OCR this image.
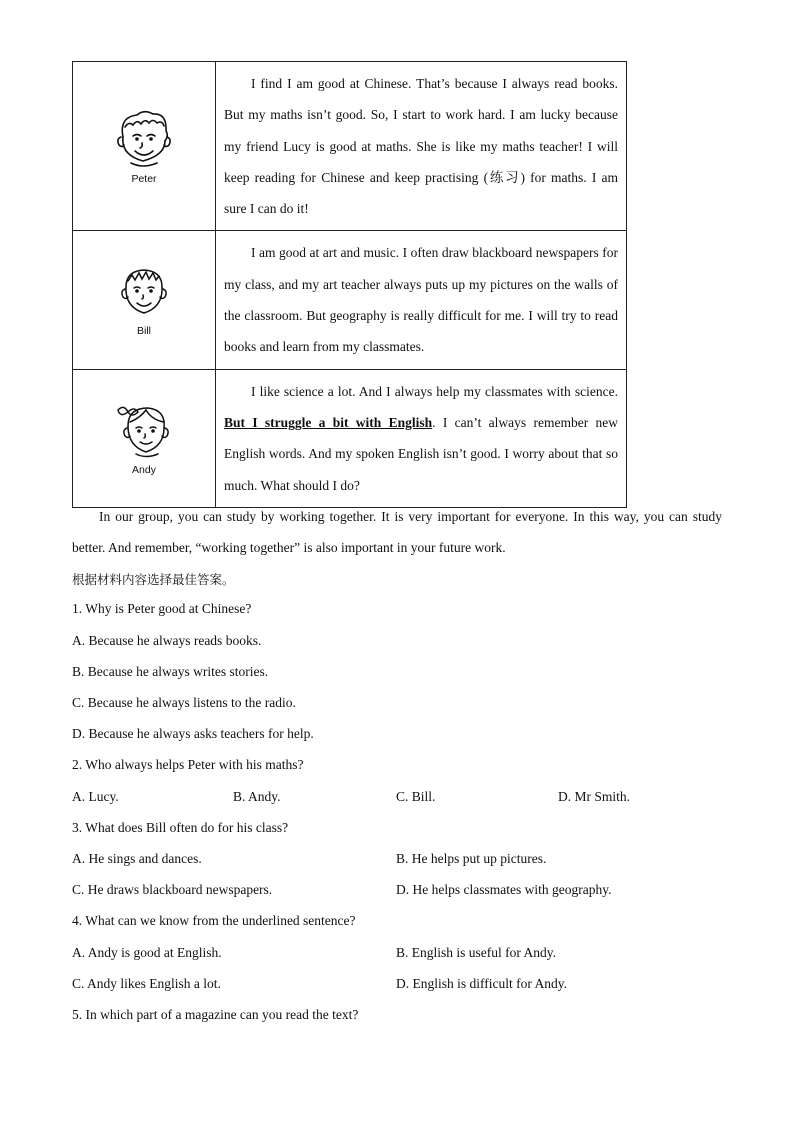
Peter	I find I am good at Chinese. That’s because I always read books. But my maths isn’t good. So, I start to work hard. I am lucky because my friend Lucy is good at maths. She is like my maths teacher! I will keep reading for Chinese and keep practising (练习) for maths. I am sure I can do it!

Bill	I am good at art and music. I often draw blackboard newspapers for my class, and my art teacher always puts up my pictures on the walls of the classroom. But geography is really difficult for me. I will try to read books and learn from my classmates.

Andy	I like science a lot. And I always help my classmates with science. But I struggle a bit with English. I can’t always remember new English words. And my spoken English isn’t good. I worry about that so much. What should I do?
In our group, you can study by working together. It is very important for everyone. In this way, you can study better. And remember, “working together” is also important in your future work.
根据材料内容选择最佳答案。
1. Why is Peter good at Chinese?
A. Because he always reads books.
B. Because he always writes stories.
C. Because he always listens to the radio.
D. Because he always asks teachers for help.
2. Who always helps Peter with his maths?
A. Lucy.	B. Andy.	C. Bill.	D. Mr Smith.
3. What does Bill often do for his class?
A. He sings and dances.	B. He helps put up pictures.
C. He draws blackboard newspapers.	D. He helps classmates with geography.
4. What can we know from the underlined sentence?
A. Andy is good at English.	B. English is useful for Andy.
C. Andy likes English a lot.	D. English is difficult for Andy.
5. In which part of a magazine can you read the text?
